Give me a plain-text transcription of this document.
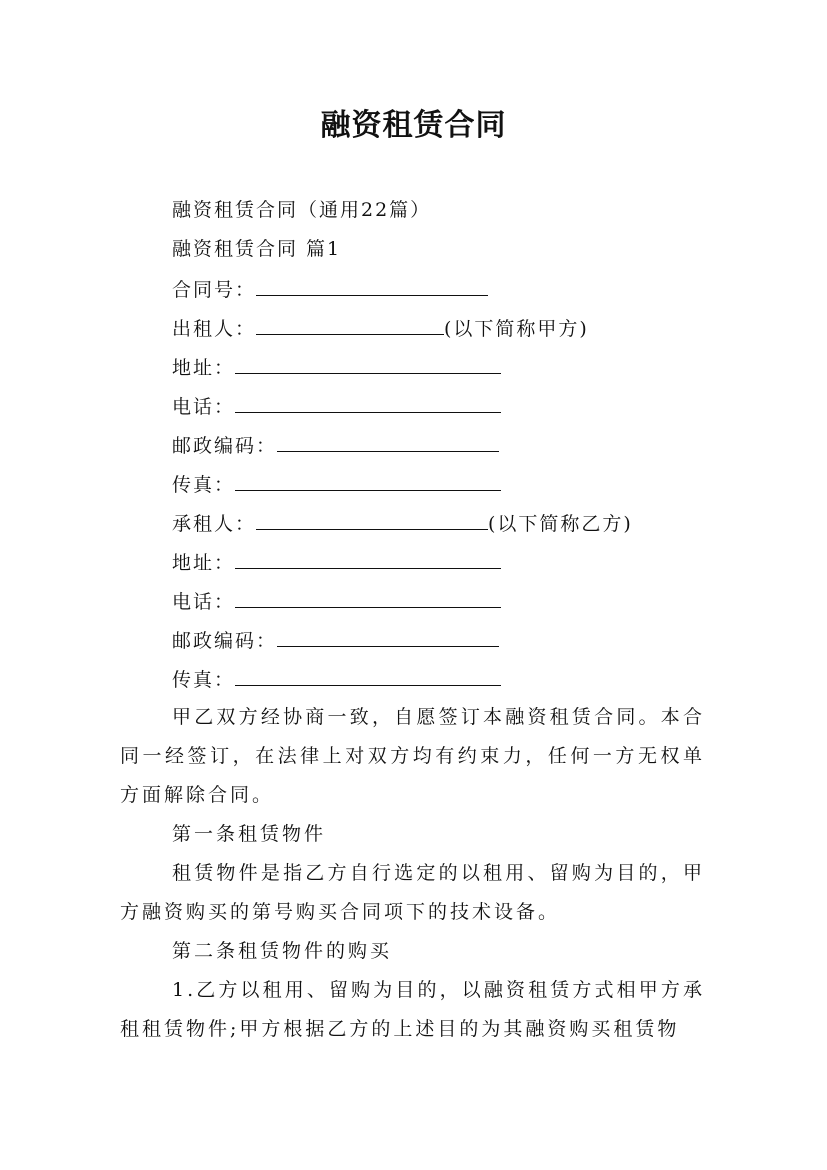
融资租赁合同
融资租赁合同（通用22篇）
融资租赁合同 篇1
合同号：
出租人：	(以下简称甲方)
地址：
电话：
邮政编码：
传真：
承租人：	(以下简称乙方)
地址：
电话：
邮政编码：
传真：

甲乙双方经协商一致，自愿签订本融资租赁合同。本合同一经签订，在法律上对双方均有约束力，任何一方无权单方面解除合同。

第一条租赁物件

租赁物件是指乙方自行选定的以租用、留购为目的，甲方融资购买的第号购买合同项下的技术设备。

第二条租赁物件的购买

1.乙方以租用、留购为目的，以融资租赁方式相甲方承租租赁物件;甲方根据乙方的上述目的为其融资购买租赁物
